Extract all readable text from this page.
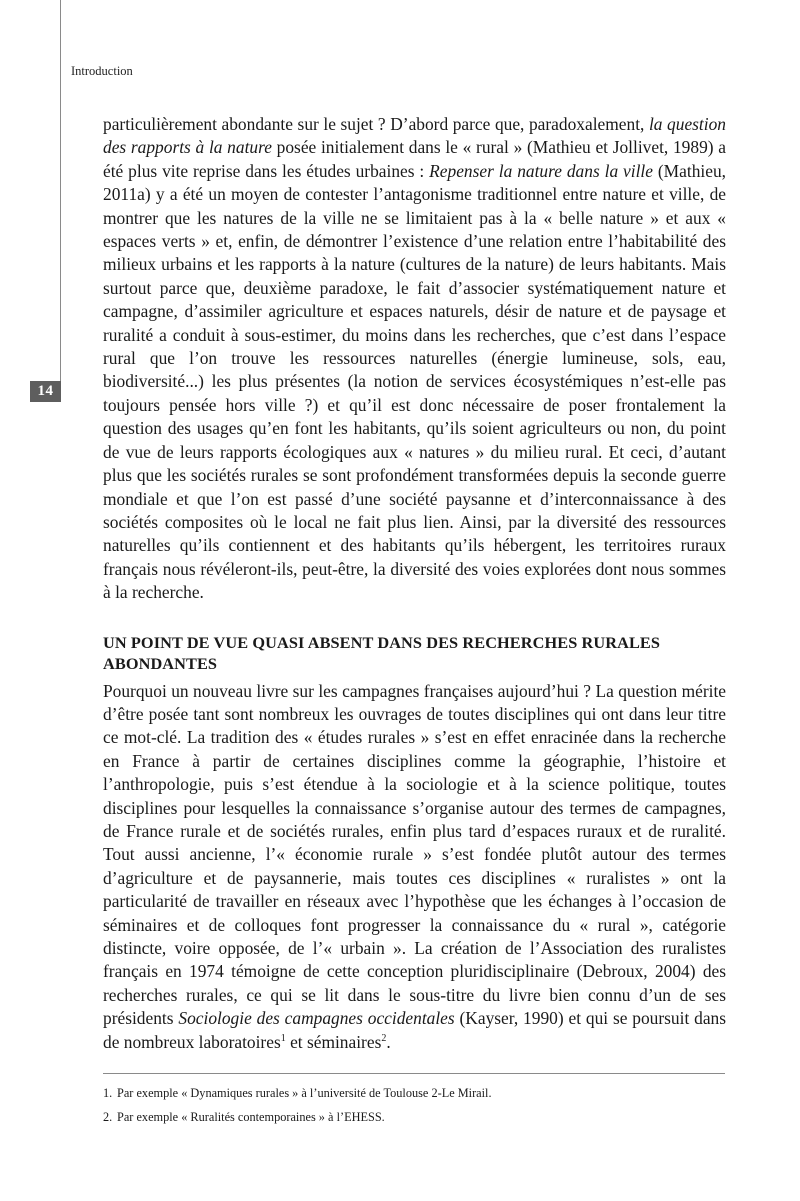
14
Introduction

particulièrement abondante sur le sujet ? D’abord parce que, paradoxalement, la question des rapports à la nature posée initialement dans le « rural » (Mathieu et Jollivet, 1989) a été plus vite reprise dans les études urbaines : Repenser la nature dans la ville (Mathieu, 2011a) y a été un moyen de contester l’antagonisme traditionnel entre nature et ville, de montrer que les natures de la ville ne se limitaient pas à la « belle nature » et aux « espaces verts » et, enfin, de démontrer l’existence d’une relation entre l’habitabilité des milieux urbains et les rapports à la nature (cultures de la nature) de leurs habitants. Mais surtout parce que, deuxième paradoxe, le fait d’associer systématiquement nature et campagne, d’assimiler agriculture et espaces naturels, désir de nature et de paysage et ruralité a conduit à sous-estimer, du moins dans les recherches, que c’est dans l’espace rural que l’on trouve les ressources naturelles (énergie lumineuse, sols, eau, biodiversité...) les plus présentes (la notion de services écosystémiques n’est-elle pas toujours pensée hors ville ?) et qu’il est donc nécessaire de poser frontalement la question des usages qu’en font les habitants, qu’ils soient agriculteurs ou non, du point de vue de leurs rapports écologiques aux « natures » du milieu rural. Et ceci, d’autant plus que les sociétés rurales se sont profondément transformées depuis la seconde guerre mondiale et que l’on est passé d’une société paysanne et d’interconnaissance à des sociétés composites où le local ne fait plus lien. Ainsi, par la diversité des ressources naturelles qu’ils contiennent et des habitants qu’ils hébergent, les territoires ruraux français nous révéleront-ils, peut-être, la diversité des voies explorées dont nous sommes à la recherche.

UN POINT DE VUE QUASI ABSENT DANS DES RECHERCHES RURALES ABONDANTES

Pourquoi un nouveau livre sur les campagnes françaises aujourd’hui ? La question mérite d’être posée tant sont nombreux les ouvrages de toutes disciplines qui ont dans leur titre ce mot-clé. La tradition des « études rurales » s’est en effet enracinée dans la recherche en France à partir de certaines disciplines comme la géographie, l’histoire et l’anthropologie, puis s’est étendue à la sociologie et à la science politique, toutes disciplines pour lesquelles la connaissance s’organise autour des termes de campagnes, de France rurale et de sociétés rurales, enfin plus tard d’espaces ruraux et de ruralité. Tout aussi ancienne, l’« économie rurale » s’est fondée plutôt autour des termes d’agriculture et de paysannerie, mais toutes ces disciplines « ruralistes » ont la particularité de travailler en réseaux avec l’hypothèse que les échanges à l’occasion de séminaires et de colloques font progresser la connaissance du « rural », catégorie distincte, voire opposée, de l’« urbain ». La création de l’Association des ruralistes français en 1974 témoigne de cette conception pluridisciplinaire (Debroux, 2004) des recherches rurales, ce qui se lit dans le sous-titre du livre bien connu d’un de ses présidents Sociologie des campagnes occidentales (Kayser, 1990) et qui se poursuit dans de nombreux laboratoires$^1$ et séminaires$^2$.

1. Par exemple « Dynamiques rurales » à l’université de Toulouse 2-Le Mirail.
2. Par exemple « Ruralités contemporaines » à l’EHESS.
